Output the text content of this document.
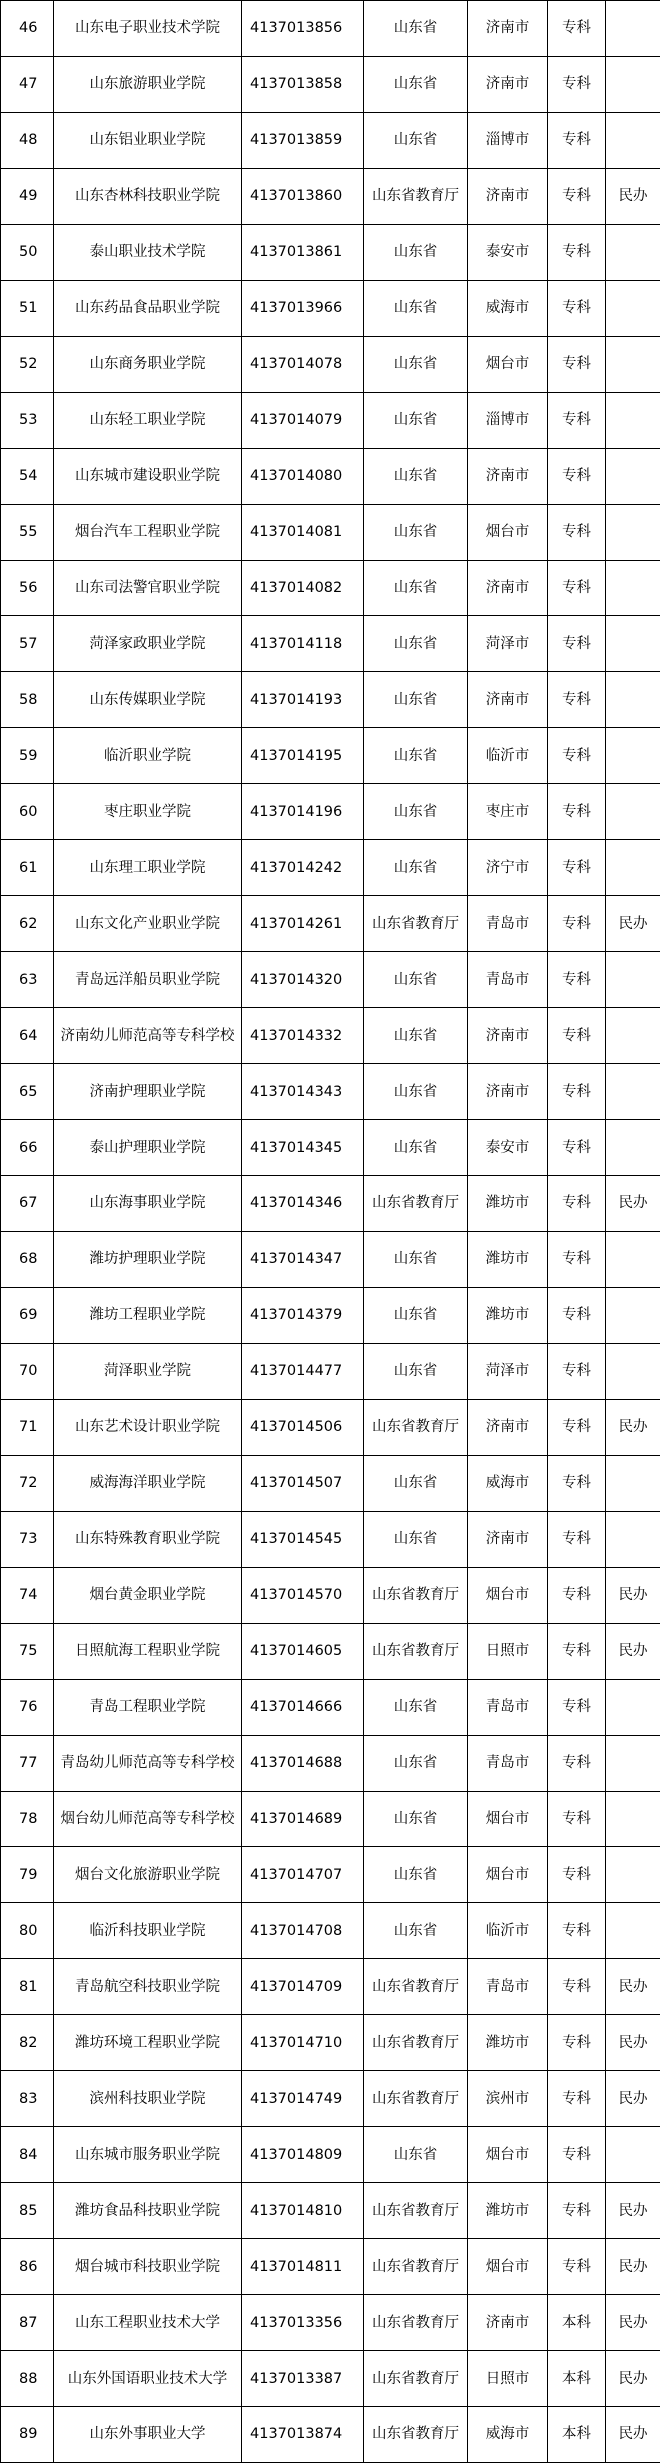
46	山东电子职业技术学院	4137013856	山东省	济南市	专科	
47	山东旅游职业学院	4137013858	山东省	济南市	专科	
48	山东铝业职业学院	4137013859	山东省	淄博市	专科	
49	山东杏林科技职业学院	4137013860	山东省教育厅	济南市	专科	民办
50	泰山职业技术学院	4137013861	山东省	泰安市	专科	
51	山东药品食品职业学院	4137013966	山东省	威海市	专科	
52	山东商务职业学院	4137014078	山东省	烟台市	专科	
53	山东轻工职业学院	4137014079	山东省	淄博市	专科	
54	山东城市建设职业学院	4137014080	山东省	济南市	专科	
55	烟台汽车工程职业学院	4137014081	山东省	烟台市	专科	
56	山东司法警官职业学院	4137014082	山东省	济南市	专科	
57	菏泽家政职业学院	4137014118	山东省	菏泽市	专科	
58	山东传媒职业学院	4137014193	山东省	济南市	专科	
59	临沂职业学院	4137014195	山东省	临沂市	专科	
60	枣庄职业学院	4137014196	山东省	枣庄市	专科	
61	山东理工职业学院	4137014242	山东省	济宁市	专科	
62	山东文化产业职业学院	4137014261	山东省教育厅	青岛市	专科	民办
63	青岛远洋船员职业学院	4137014320	山东省	青岛市	专科	
64	济南幼儿师范高等专科学校	4137014332	山东省	济南市	专科	
65	济南护理职业学院	4137014343	山东省	济南市	专科	
66	泰山护理职业学院	4137014345	山东省	泰安市	专科	
67	山东海事职业学院	4137014346	山东省教育厅	潍坊市	专科	民办
68	潍坊护理职业学院	4137014347	山东省	潍坊市	专科	
69	潍坊工程职业学院	4137014379	山东省	潍坊市	专科	
70	菏泽职业学院	4137014477	山东省	菏泽市	专科	
71	山东艺术设计职业学院	4137014506	山东省教育厅	济南市	专科	民办
72	威海海洋职业学院	4137014507	山东省	威海市	专科	
73	山东特殊教育职业学院	4137014545	山东省	济南市	专科	
74	烟台黄金职业学院	4137014570	山东省教育厅	烟台市	专科	民办
75	日照航海工程职业学院	4137014605	山东省教育厅	日照市	专科	民办
76	青岛工程职业学院	4137014666	山东省	青岛市	专科	
77	青岛幼儿师范高等专科学校	4137014688	山东省	青岛市	专科	
78	烟台幼儿师范高等专科学校	4137014689	山东省	烟台市	专科	
79	烟台文化旅游职业学院	4137014707	山东省	烟台市	专科	
80	临沂科技职业学院	4137014708	山东省	临沂市	专科	
81	青岛航空科技职业学院	4137014709	山东省教育厅	青岛市	专科	民办
82	潍坊环境工程职业学院	4137014710	山东省教育厅	潍坊市	专科	民办
83	滨州科技职业学院	4137014749	山东省教育厅	滨州市	专科	民办
84	山东城市服务职业学院	4137014809	山东省	烟台市	专科	
85	潍坊食品科技职业学院	4137014810	山东省教育厅	潍坊市	专科	民办
86	烟台城市科技职业学院	4137014811	山东省教育厅	烟台市	专科	民办
87	山东工程职业技术大学	4137013356	山东省教育厅	济南市	本科	民办
88	山东外国语职业技术大学	4137013387	山东省教育厅	日照市	本科	民办
89	山东外事职业大学	4137013874	山东省教育厅	威海市	本科	民办
